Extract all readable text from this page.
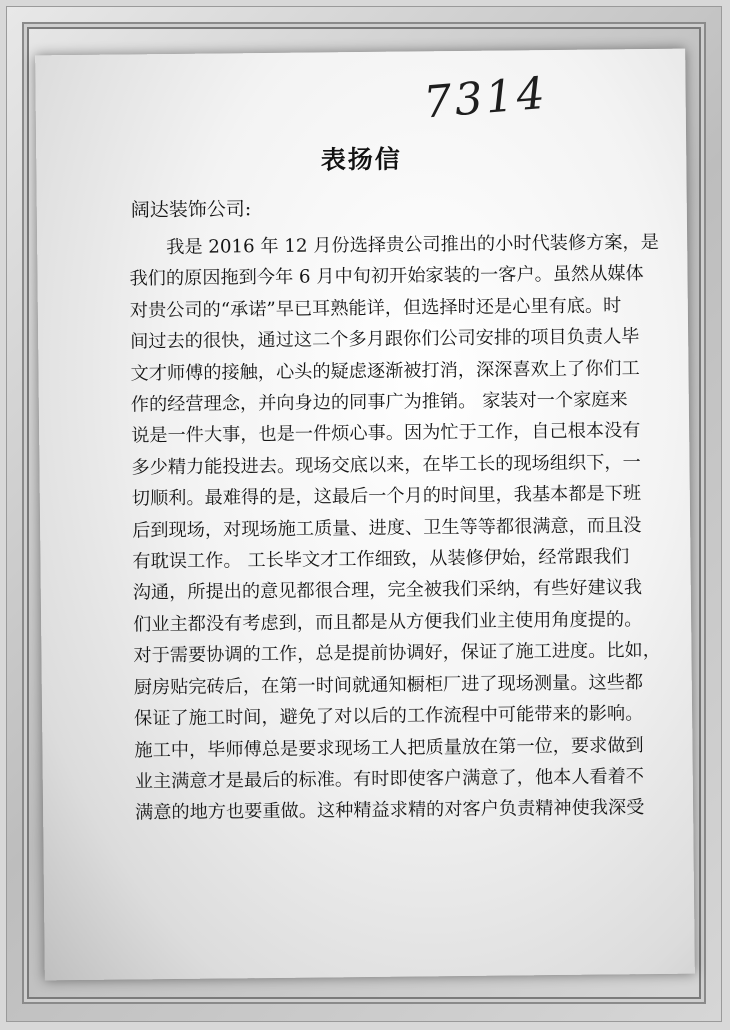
7314
表扬信
阔达装饰公司:
我是 2016 年 12 月份选择贵公司推出的小时代装修方案，是
我们的原因拖到今年 6 月中旬初开始家装的一客户。虽然从媒体
对贵公司的“承诺”早已耳熟能详，但选择时还是心里有底。时
间过去的很快，通过这二个多月跟你们公司安排的项目负责人毕
文才师傅的接触，心头的疑虑逐渐被打消，深深喜欢上了你们工
作的经营理念，并向身边的同事广为推销。 家装对一个家庭来
说是一件大事，也是一件烦心事。因为忙于工作，自己根本没有
多少精力能投进去。现场交底以来，在毕工长的现场组织下，一
切顺利。最难得的是，这最后一个月的时间里，我基本都是下班
后到现场，对现场施工质量、进度、卫生等等都很满意，而且没
有耽误工作。 工长毕文才工作细致，从装修伊始，经常跟我们
沟通，所提出的意见都很合理，完全被我们采纳，有些好建议我
们业主都没有考虑到，而且都是从方便我们业主使用角度提的。
对于需要协调的工作，总是提前协调好，保证了施工进度。比如，
厨房贴完砖后，在第一时间就通知橱柜厂进了现场测量。这些都
保证了施工时间，避免了对以后的工作流程中可能带来的影响。
施工中，毕师傅总是要求现场工人把质量放在第一位，要求做到
业主满意才是最后的标准。有时即使客户满意了，他本人看着不
满意的地方也要重做。这种精益求精的对客户负责精神使我深受
